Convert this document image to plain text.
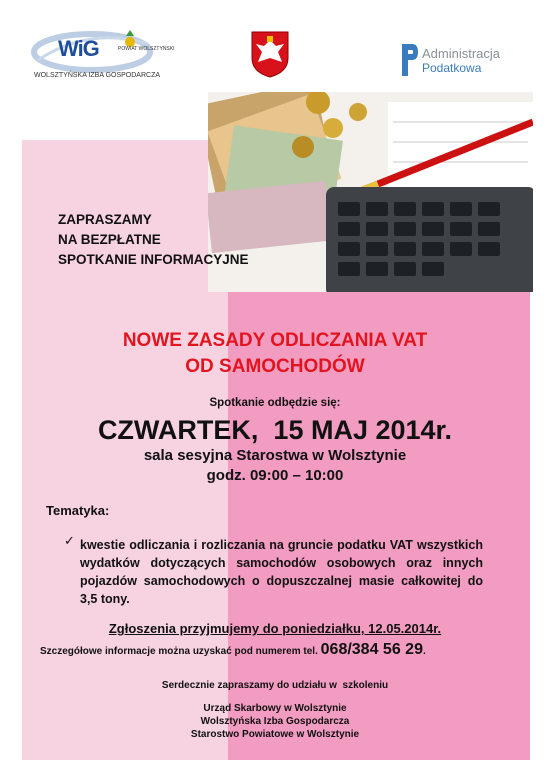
WiG	POWIAT WOLSZTYŃSKI
WOLSZTYŃSKA IZBA GOSPODARCZA
Administracja
Podatkowa
ZAPRASZAMY
NA BEZPŁATNE
SPOTKANIE INFORMACYJNE
NOWE ZASADY ODLICZANIA VAT
OD SAMOCHODÓW
Spotkanie odbędzie się:
CZWARTEK,  15 MAJ 2014r.
sala sesyjna Starostwa w Wolsztynie
godz. 09:00 – 10:00
Tematyka:
✓ kwestie odliczania i rozliczania na gruncie podatku VAT wszystkich wydatków dotyczących samochodów osobowych oraz innych pojazdów samochodowych o dopuszczalnej masie całkowitej do 3,5 tony.
Zgłoszenia przyjmujemy do poniedziałku, 12.05.2014r.
Szczegółowe informacje można uzyskać pod numerem tel. 068/384 56 29.
Serdecznie zapraszamy do udziału w  szkoleniu
Urząd Skarbowy w Wolsztynie
Wolsztyńska Izba Gospodarcza
Starostwo Powiatowe w Wolsztynie
